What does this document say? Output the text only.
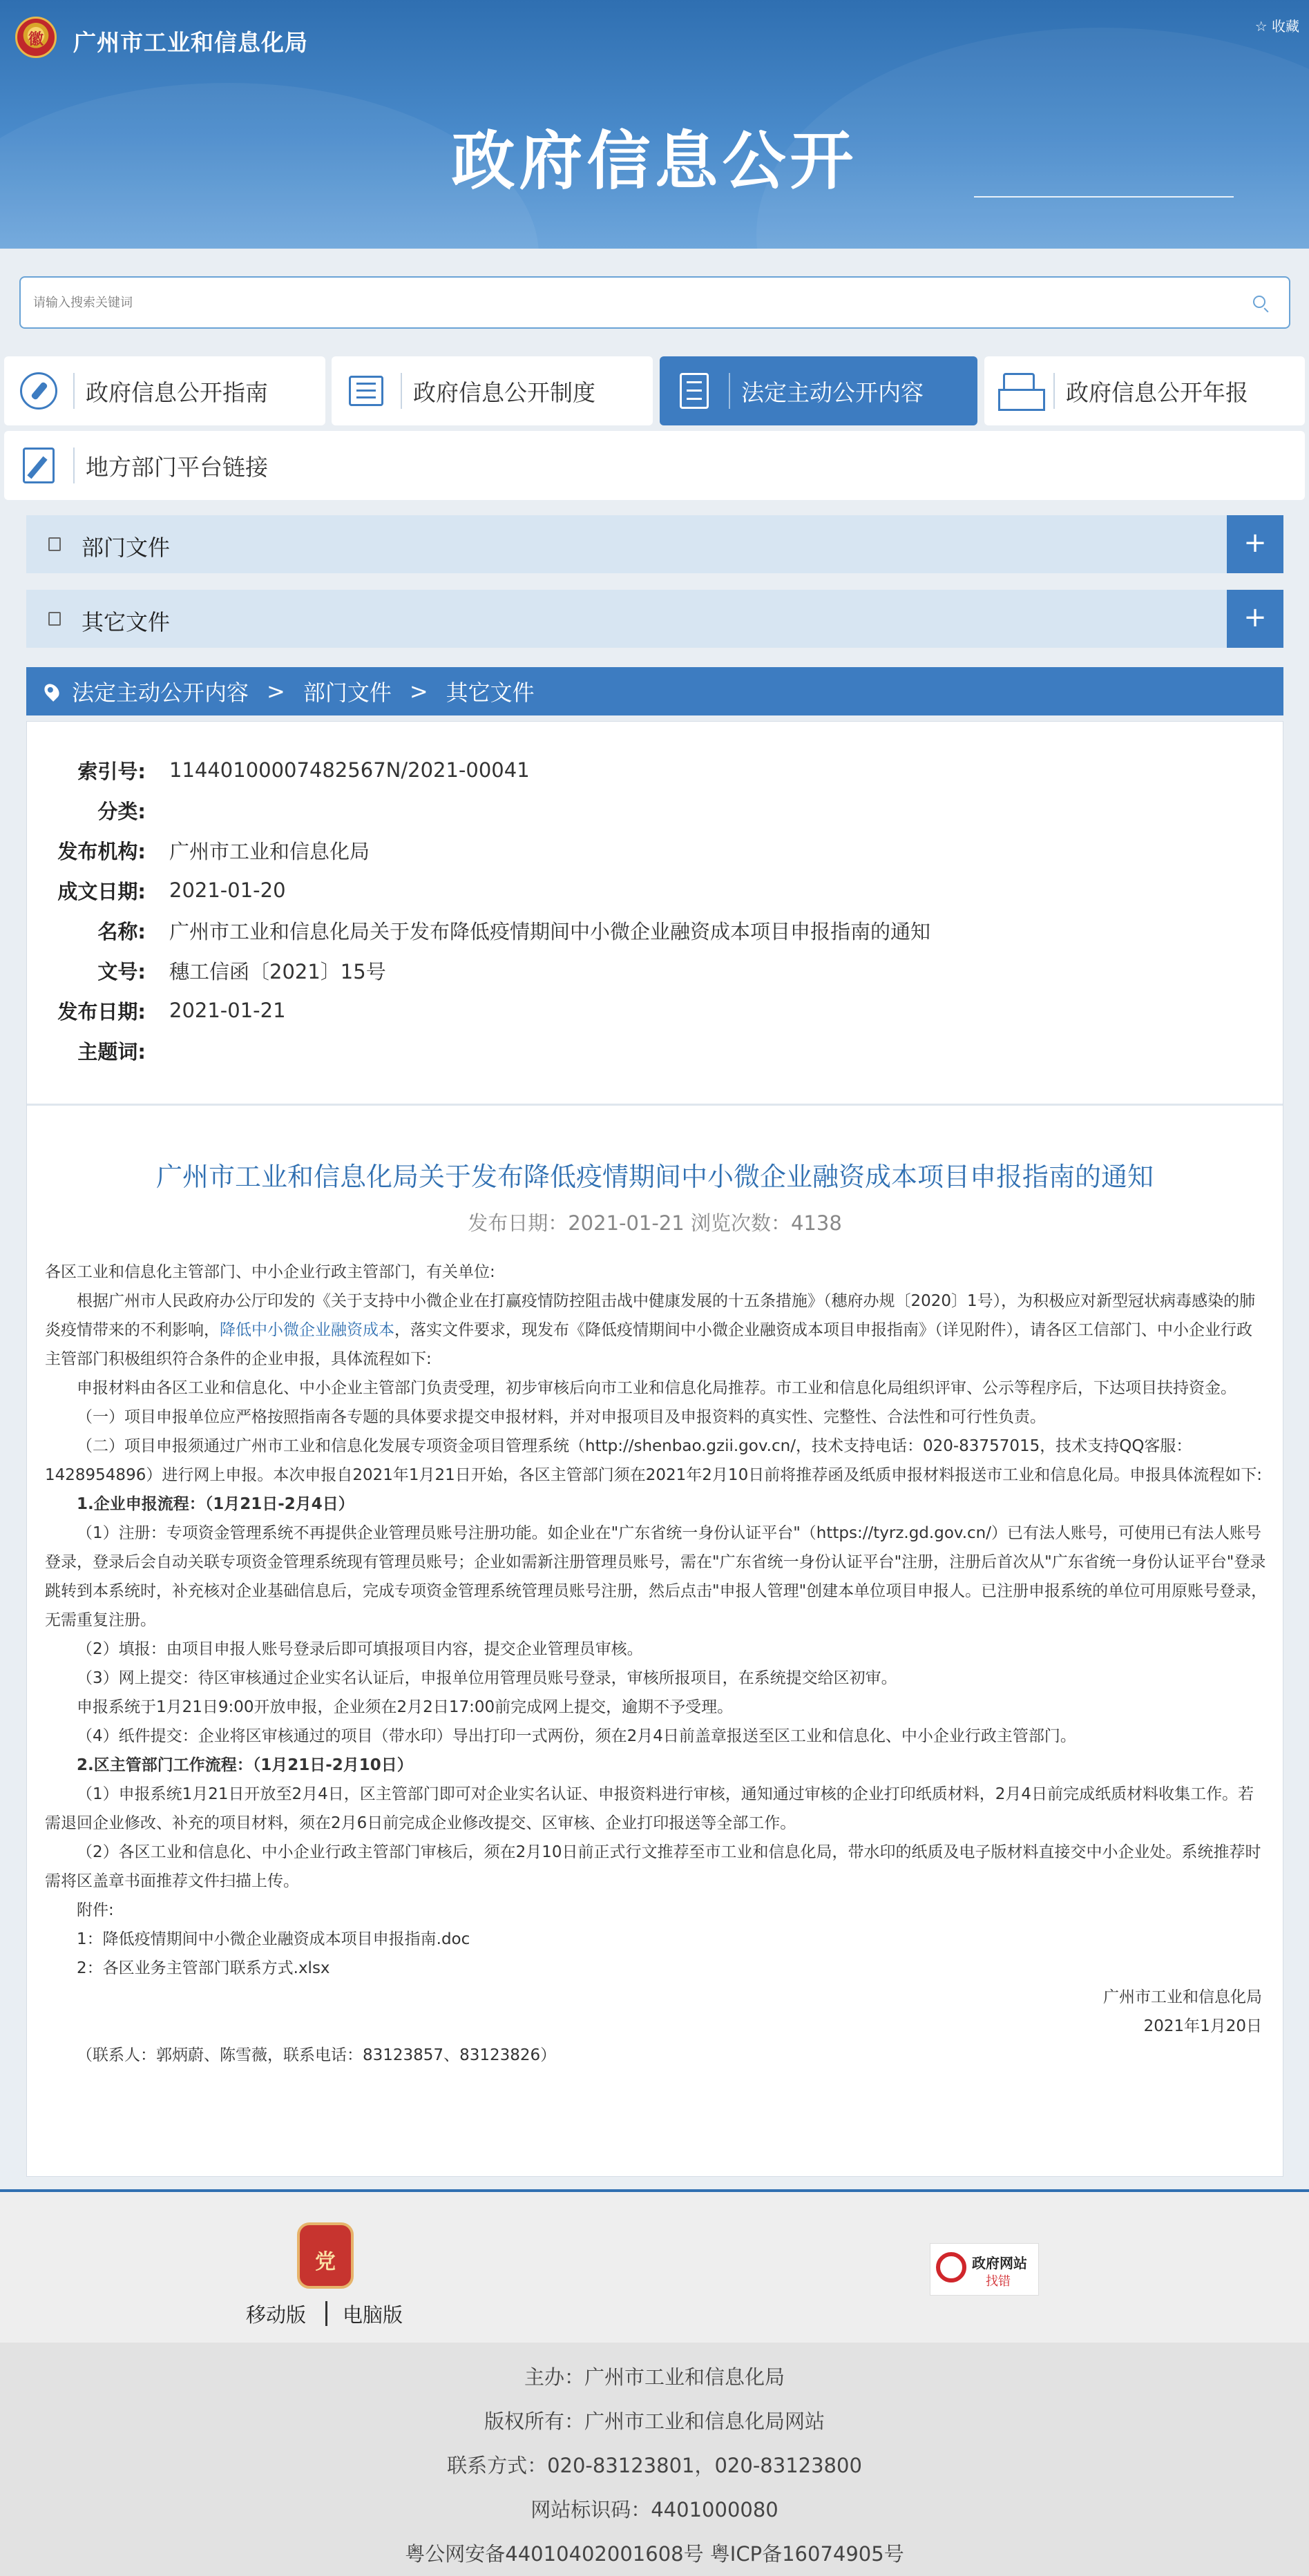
徽	广州市工业和信息化局
☆ 收藏
政府信息公开
请输入搜索关键词
政府信息公开指南	政府信息公开制度	法定主动公开内容	政府信息公开年报
地方部门平台链接
部门文件	+
其它文件	+
法定主动公开内容 > 部门文件 > 其它文件
索引号: 11440100007482567N/2021-00041
分类:
发布机构: 广州市工业和信息化局
成文日期: 2021-01-20
名称: 广州市工业和信息化局关于发布降低疫情期间中小微企业融资成本项目申报指南的通知
文号: 穗工信函〔2021〕15号
发布日期: 2021-01-21
主题词:
广州市工业和信息化局关于发布降低疫情期间中小微企业融资成本项目申报指南的通知
发布日期：2021-01-21 浏览次数：4138

各区工业和信息化主管部门、中小企业行政主管部门，有关单位:

根据广州市人民政府办公厅印发的《关于支持中小微企业在打赢疫情防控阻击战中健康发展的十五条措施》（穗府办规〔2020〕1号），为积极应对新型冠状病毒感染的肺炎疫情带来的不利影响，降低中小微企业融资成本，落实文件要求，现发布《降低疫情期间中小微企业融资成本项目申报指南》（详见附件），请各区工信部门、中小企业行政主管部门积极组织符合条件的企业申报，具体流程如下:

申报材料由各区工业和信息化、中小企业主管部门负责受理，初步审核后向市工业和信息化局推荐。市工业和信息化局组织评审、公示等程序后，下达项目扶持资金。

（一）项目申报单位应严格按照指南各专题的具体要求提交申报材料，并对申报项目及申报资料的真实性、完整性、合法性和可行性负责。

（二）项目申报须通过广州市工业和信息化发展专项资金项目管理系统（http://shenbao.gzii.gov.cn/，技术支持电话：020-83757015，技术支持QQ客服：1428954896）进行网上申报。本次申报自2021年1月21日开始，各区主管部门须在2021年2月10日前将推荐函及纸质申报材料报送市工业和信息化局。申报具体流程如下:

1.企业申报流程：（1月21日-2月4日）

（1）注册：专项资金管理系统不再提供企业管理员账号注册功能。如企业在"广东省统一身份认证平台"（https://tyrz.gd.gov.cn/）已有法人账号，可使用已有法人账号登录，登录后会自动关联专项资金管理系统现有管理员账号；企业如需新注册管理员账号，需在"广东省统一身份认证平台"注册，注册后首次从"广东省统一身份认证平台"登录跳转到本系统时，补充核对企业基础信息后，完成专项资金管理系统管理员账号注册，然后点击"申报人管理"创建本单位项目申报人。已注册申报系统的单位可用原账号登录，无需重复注册。

（2）填报：由项目申报人账号登录后即可填报项目内容，提交企业管理员审核。

（3）网上提交：待区审核通过企业实名认证后，申报单位用管理员账号登录，审核所报项目，在系统提交给区初审。

申报系统于1月21日9:00开放申报，企业须在2月2日17:00前完成网上提交，逾期不予受理。

（4）纸件提交：企业将区审核通过的项目（带水印）导出打印一式两份，须在2月4日前盖章报送至区工业和信息化、中小企业行政主管部门。

2.区主管部门工作流程：（1月21日-2月10日）

（1）申报系统1月21日开放至2月4日，区主管部门即可对企业实名认证、申报资料进行审核，通知通过审核的企业打印纸质材料，2月4日前完成纸质材料收集工作。若需退回企业修改、补充的项目材料，须在2月6日前完成企业修改提交、区审核、企业打印报送等全部工作。

（2）各区工业和信息化、中小企业行政主管部门审核后，须在2月10日前正式行文推荐至市工业和信息化局，带水印的纸质及电子版材料直接交中小企业处。系统推荐时需将区盖章书面推荐文件扫描上传。

附件:

1：降低疫情期间中小微企业融资成本项目申报指南.doc

2：各区业务主管部门联系方式.xlsx

广州市工业和信息化局

2021年1月20日

（联系人：郭炳蔚、陈雪薇，联系电话：83123857、83123826）

党
移动版 电脑版
政府网站
找错
主办：广州市工业和信息化局
版权所有：广州市工业和信息化局网站
联系方式：020-83123801，020-83123800
网站标识码：4401000080
粤公网安备44010402001608号 粤ICP备16074905号
